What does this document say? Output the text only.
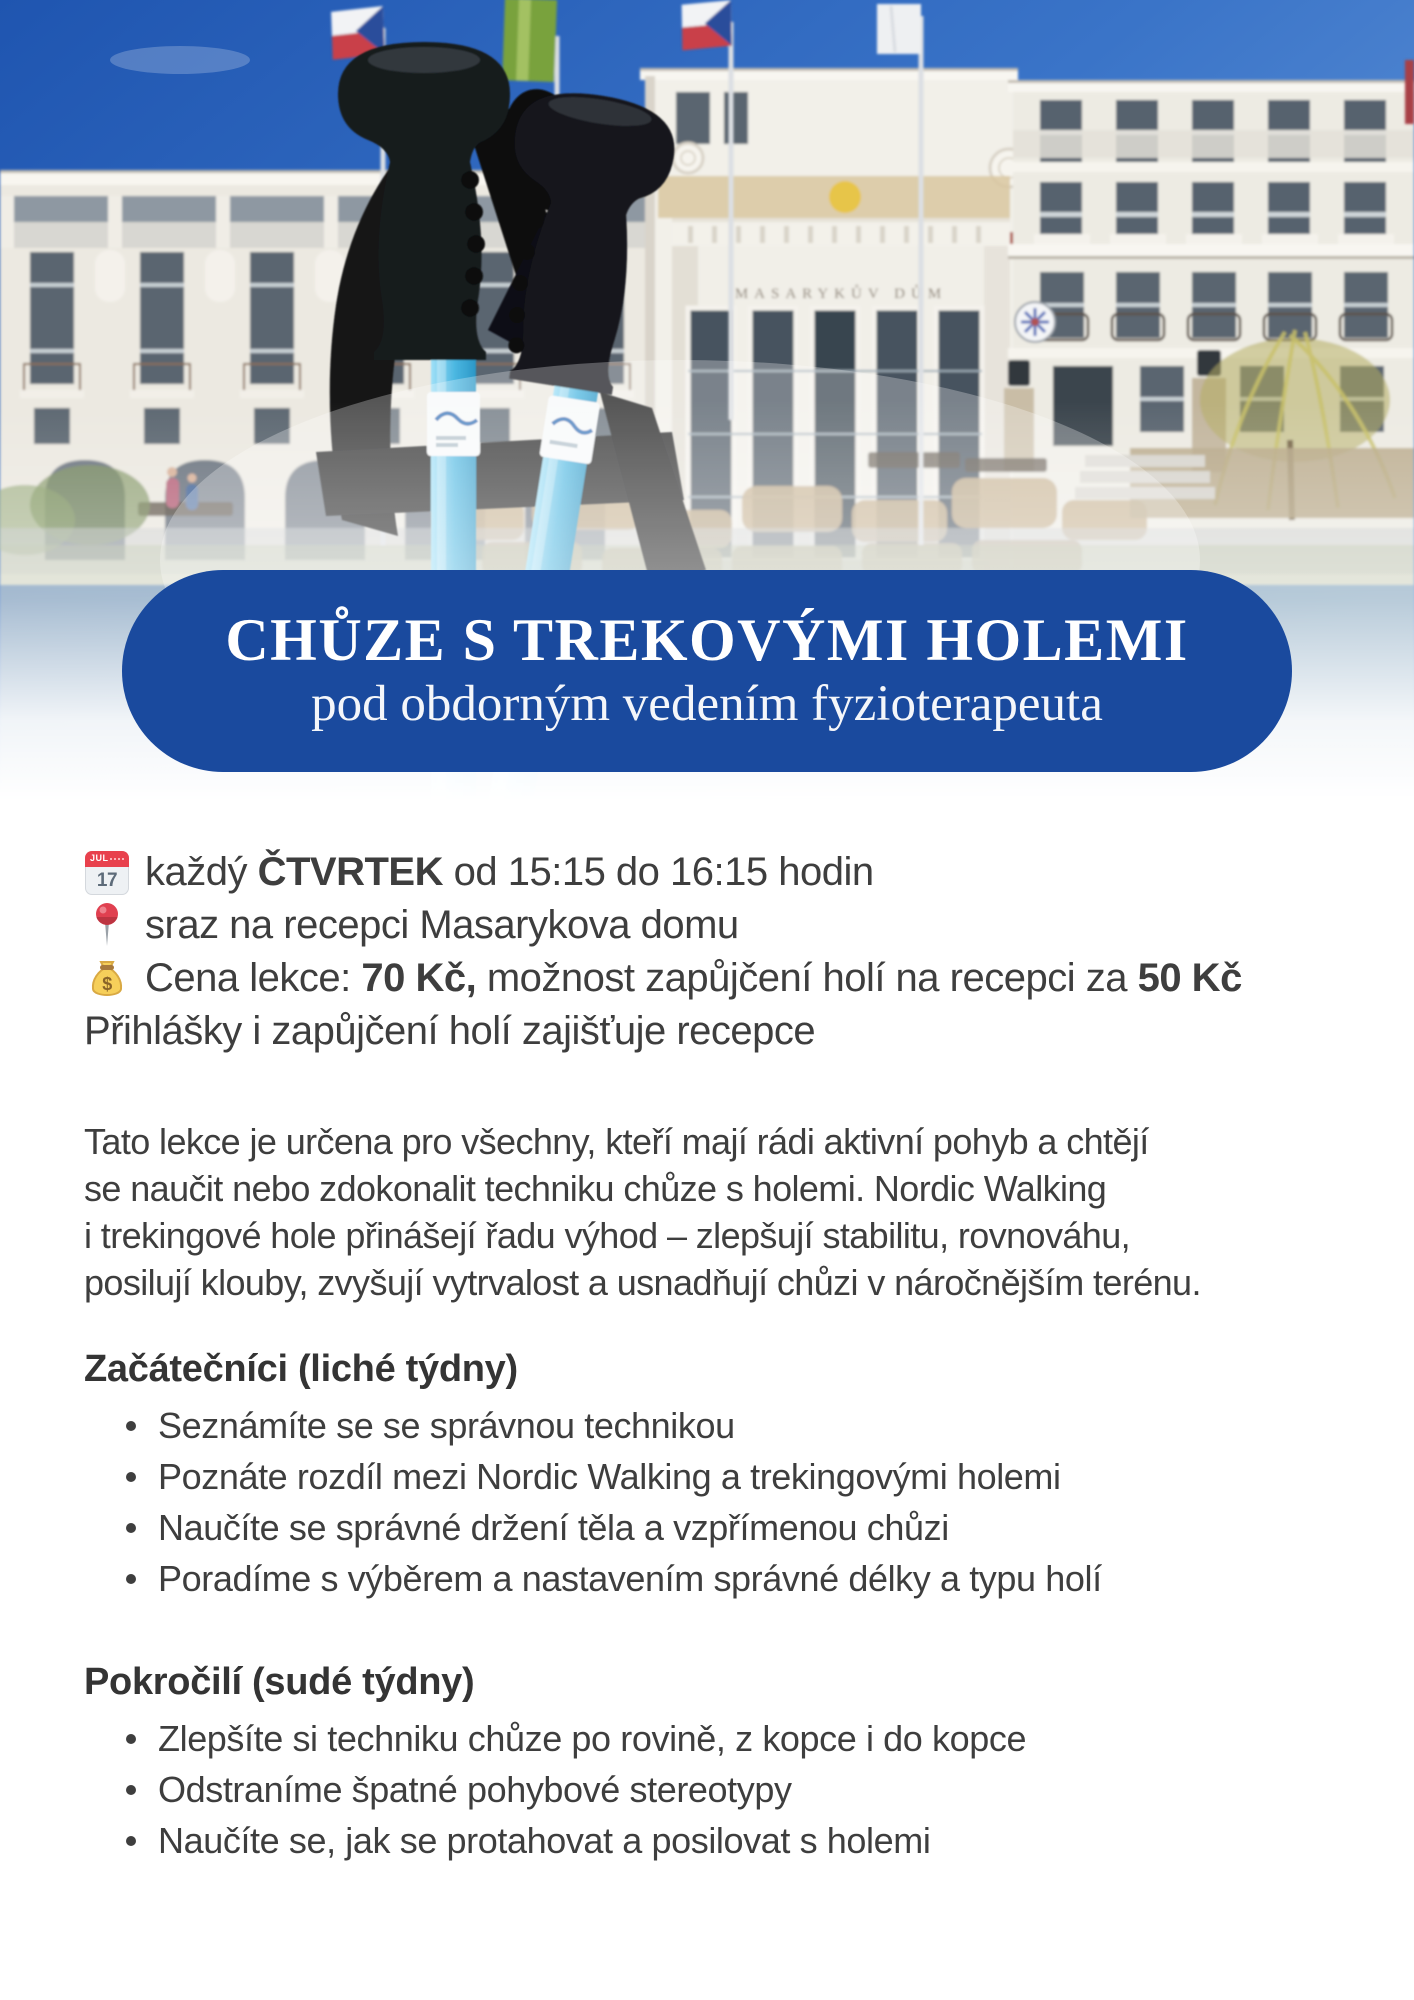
MASARYKŮV DŮM
CHŮZE S TREKOVÝMI HOLEMI
pod obdorným vedením fyzioterapeuta
JUL
17 každý ČTVRTEK od 15:15 do 16:15 hodin
sraz na recepci Masarykova domu
$ Cena lekce: 70 Kč, možnost zapůjčení holí na recepci za 50 Kč
Přihlášky i zapůjčení holí zajišťuje recepce
Tato lekce je určena pro všechny, kteří mají rádi aktivní pohyb a chtějí
se naučit nebo zdokonalit techniku chůze s holemi. Nordic Walking
i trekingové hole přinášejí řadu výhod – zlepšují stabilitu, rovnováhu,
posilují klouby, zvyšují vytrvalost a usnadňují chůzi v náročnějším terénu.
Začátečníci (liché týdny)
Seznámíte se se správnou technikou
Poznáte rozdíl mezi Nordic Walking a trekingovými holemi
Naučíte se správné držení těla a vzpřímenou chůzi
Poradíme s výběrem a nastavením správné délky a typu holí
Pokročilí (sudé týdny)
Zlepšíte si techniku chůze po rovině, z kopce i do kopce
Odstraníme špatné pohybové stereotypy
Naučíte se, jak se protahovat a posilovat s holemi
